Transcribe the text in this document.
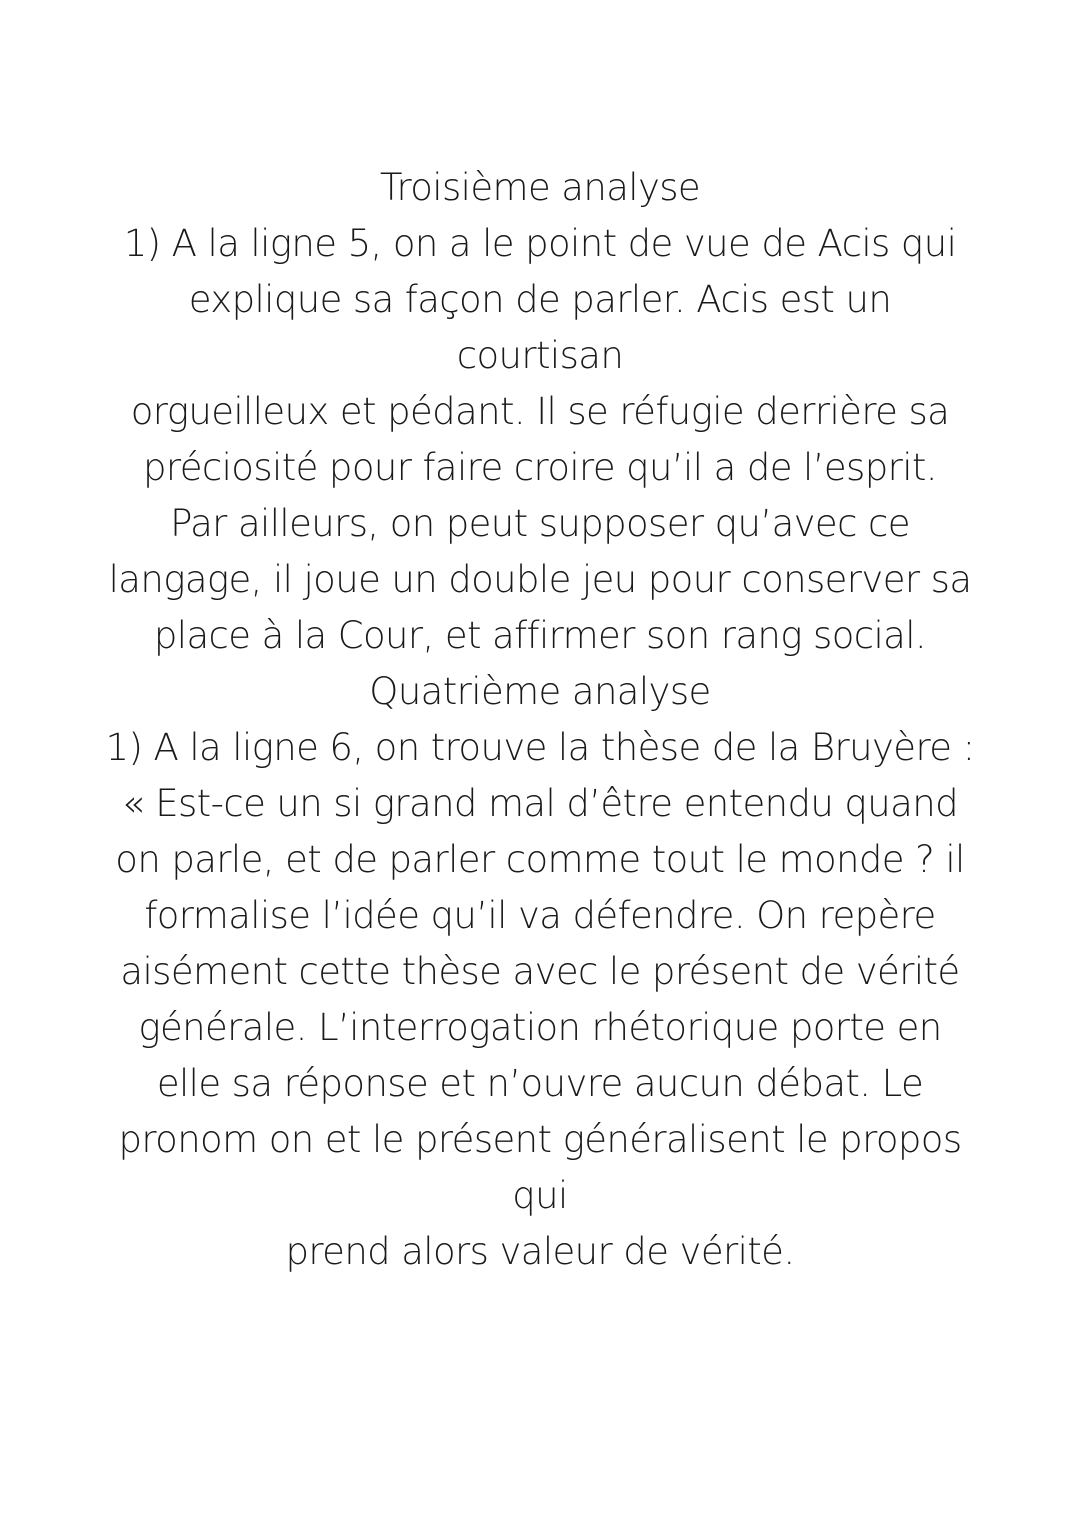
Troisième analyse
1) A la ligne 5, on a le point de vue de Acis qui
explique sa façon de parler. Acis est un
courtisan
orgueilleux et pédant. Il se réfugie derrière sa
préciosité pour faire croire qu’il a de l’esprit.
Par ailleurs, on peut supposer qu’avec ce
langage, il joue un double jeu pour conserver sa
place à la Cour, et affirmer son rang social.
Quatrième analyse
1) A la ligne 6, on trouve la thèse de la Bruyère :
« Est-ce un si grand mal d’être entendu quand
on parle, et de parler comme tout le monde ? il
formalise l’idée qu’il va défendre. On repère
aisément cette thèse avec le présent de vérité
générale. L’interrogation rhétorique porte en
elle sa réponse et n’ouvre aucun débat. Le
pronom on et le présent généralisent le propos
qui
prend alors valeur de vérité.
